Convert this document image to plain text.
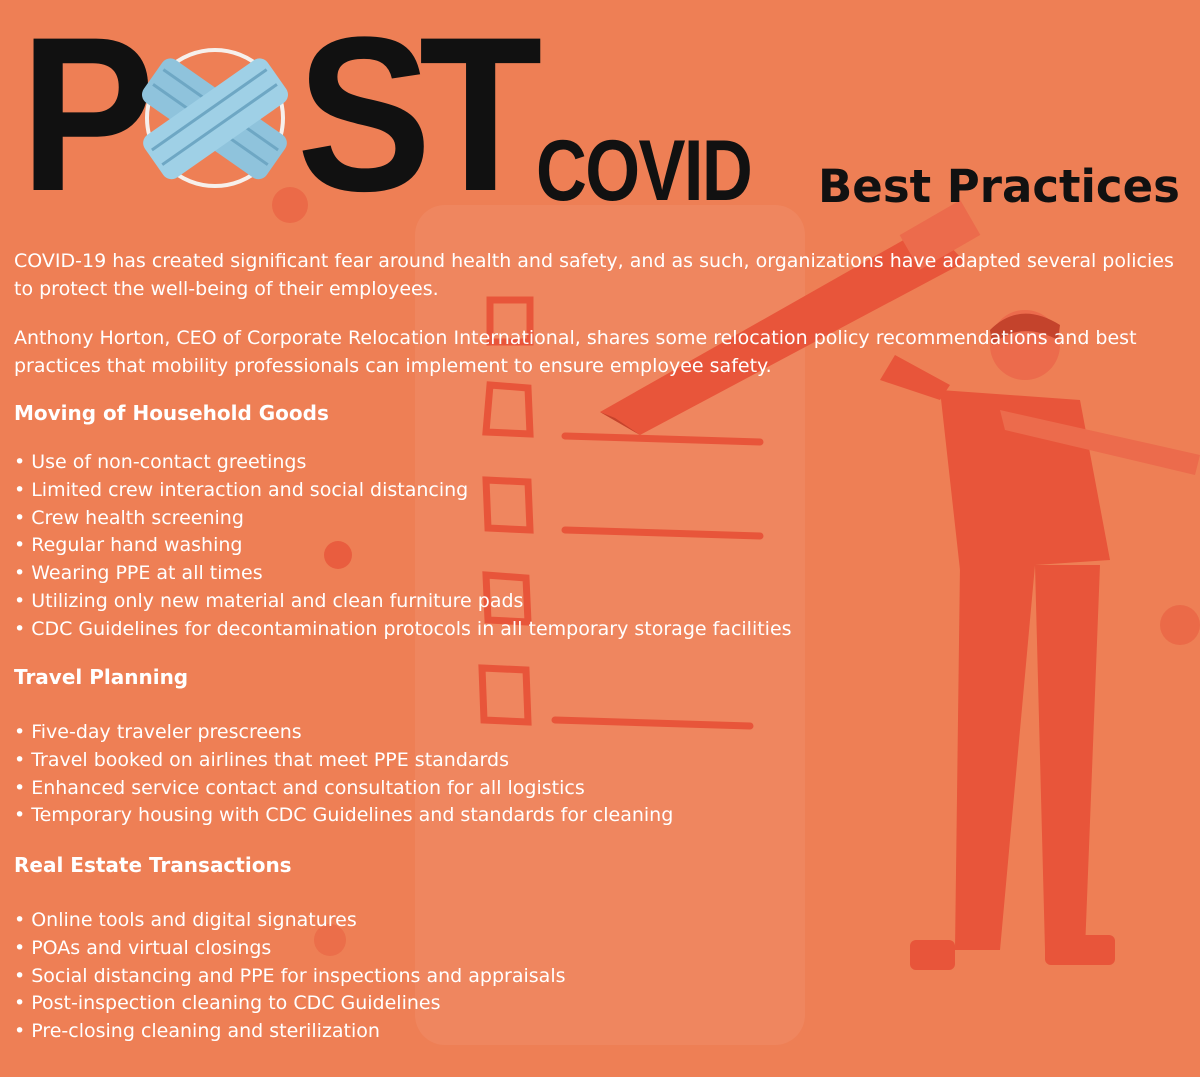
P ST COVID Best Practices

COVID-19 has created significant fear around health and safety, and as such, organizations have adapted several policies to protect the well-being of their employees.

Anthony Horton, CEO of Corporate Relocation International, shares some relocation policy recommendations and best practices that mobility professionals can implement to ensure employee safety.

Moving of Household Goods
• Use of non-contact greetings
• Limited crew interaction and social distancing
• Crew health screening
• Regular hand washing
• Wearing PPE at all times
• Utilizing only new material and clean furniture pads
• CDC Guidelines for decontamination protocols in all temporary storage facilities
Travel Planning
• Five-day traveler prescreens
• Travel booked on airlines that meet PPE standards
• Enhanced service contact and consultation for all logistics
• Temporary housing with CDC Guidelines and standards for cleaning
Real Estate Transactions
• Online tools and digital signatures
• POAs and virtual closings
• Social distancing and PPE for inspections and appraisals
• Post-inspection cleaning to CDC Guidelines
• Pre-closing cleaning and sterilization
